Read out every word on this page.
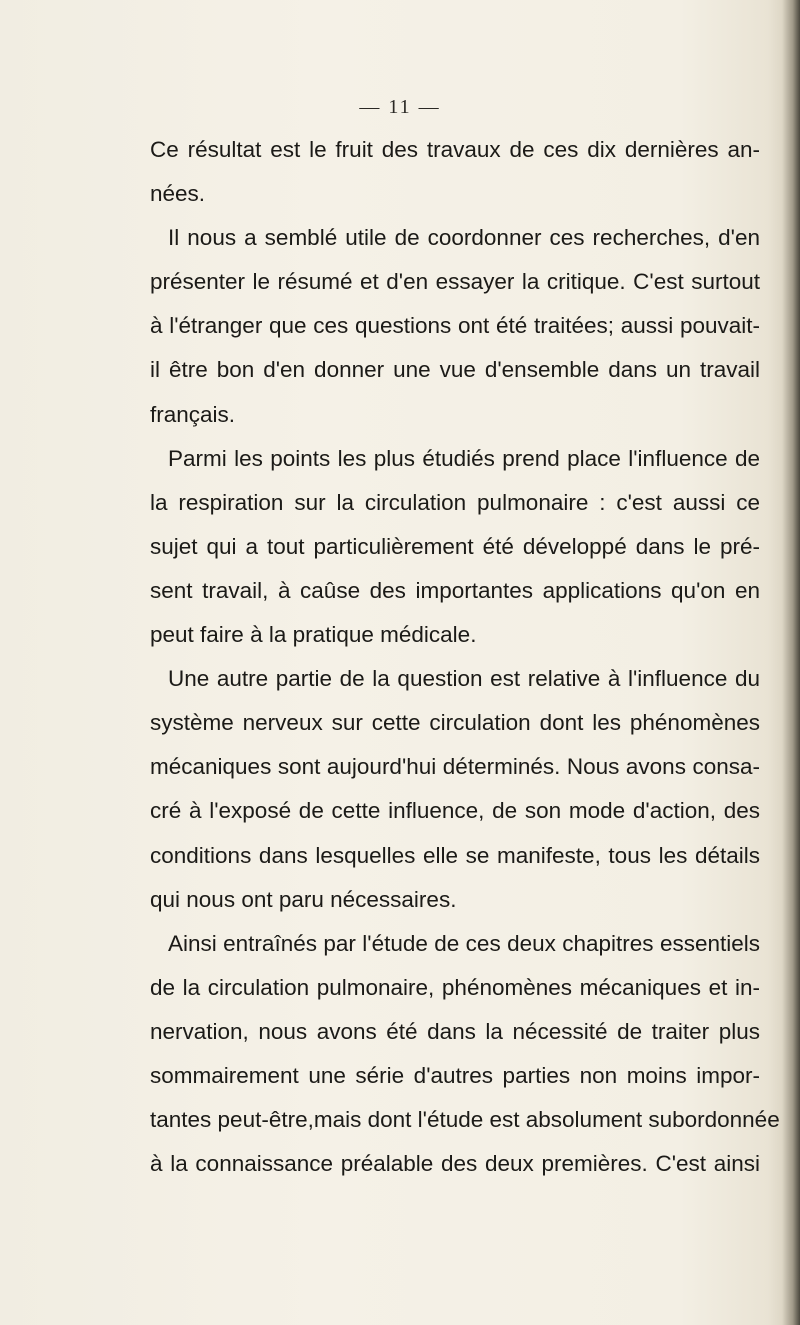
— 11 —

Ce résultat est le fruit des travaux de ces dix dernières an-
nées.

Il nous a semblé utile de coordonner ces recherches, d'en
présenter le résumé et d'en essayer la critique. C'est surtout
à l'étranger que ces questions ont été traitées; aussi pouvait-
il être bon d'en donner une vue d'ensemble dans un travail
français.

Parmi les points les plus étudiés prend place l'influence de
la respiration sur la circulation pulmonaire : c'est aussi ce
sujet qui a tout particulièrement été développé dans le pré-
sent travail, à caûse des importantes applications qu'on en
peut faire à la pratique médicale.

Une autre partie de la question est relative à l'influence du
système nerveux sur cette circulation dont les phénomènes
mécaniques sont aujourd'hui déterminés. Nous avons consa-
cré à l'exposé de cette influence, de son mode d'action, des
conditions dans lesquelles elle se manifeste, tous les détails
qui nous ont paru nécessaires.

Ainsi entraînés par l'étude de ces deux chapitres essentiels
de la circulation pulmonaire, phénomènes mécaniques et in-
nervation, nous avons été dans la nécessité de traiter plus
sommairement une série d'autres parties non moins impor-
tantes peut-être,mais dont l'étude est absolument subordonnée
à la connaissance préalable des deux premières. C'est ainsi
